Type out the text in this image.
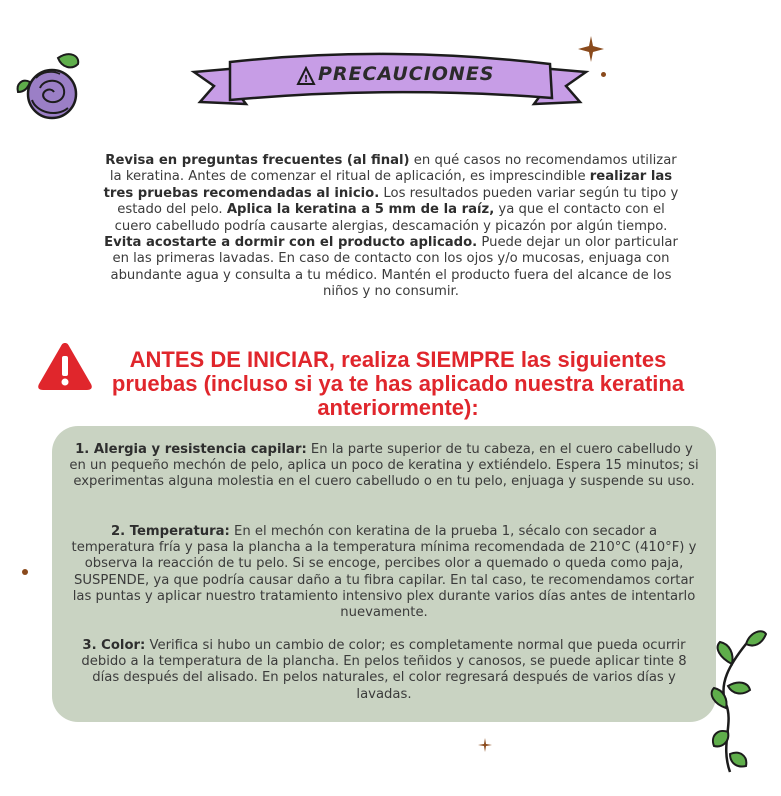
! PRECAUCIONES
Revisa en preguntas frecuentes (al final) en qué casos no recomendamos utilizar la keratina. Antes de comenzar el ritual de aplicación, es imprescindible realizar las tres pruebas recomendadas al inicio. Los resultados pueden variar según tu tipo y estado del pelo. Aplica la keratina a 5 mm de la raíz, ya que el contacto con el cuero cabelludo podría causarte alergias, descamación y picazón por algún tiempo. Evita acostarte a dormir con el producto aplicado. Puede dejar un olor particular en las primeras lavadas. En caso de contacto con los ojos y/o mucosas, enjuaga con abundante agua y consulta a tu médico. Mantén el producto fuera del alcance de los niños y no consumir.
ANTES DE INICIAR, realiza SIEMPRE las siguientes pruebas (incluso si ya te has aplicado nuestra keratina anteriormente):

1. Alergia y resistencia capilar: En la parte superior de tu cabeza, en el cuero cabelludo y en un pequeño mechón de pelo, aplica un poco de keratina y extiéndelo. Espera 15 minutos; si experimentas alguna molestia en el cuero cabelludo o en tu pelo, enjuaga y suspende su uso.

2. Temperatura: En el mechón con keratina de la prueba 1, sécalo con secador a temperatura fría y pasa la plancha a la temperatura mínima recomendada de 210°C (410°F) y observa la reacción de tu pelo. Si se encoge, percibes olor a quemado o queda como paja, SUSPENDE, ya que podría causar daño a tu fibra capilar. En tal caso, te recomendamos cortar las puntas y aplicar nuestro tratamiento intensivo plex durante varios días antes de intentarlo nuevamente.

3. Color: Verifica si hubo un cambio de color; es completamente normal que pueda ocurrir debido a la temperatura de la plancha. En pelos teñidos y canosos, se puede aplicar tinte 8 días después del alisado. En pelos naturales, el color regresará después de varios días y lavadas.
